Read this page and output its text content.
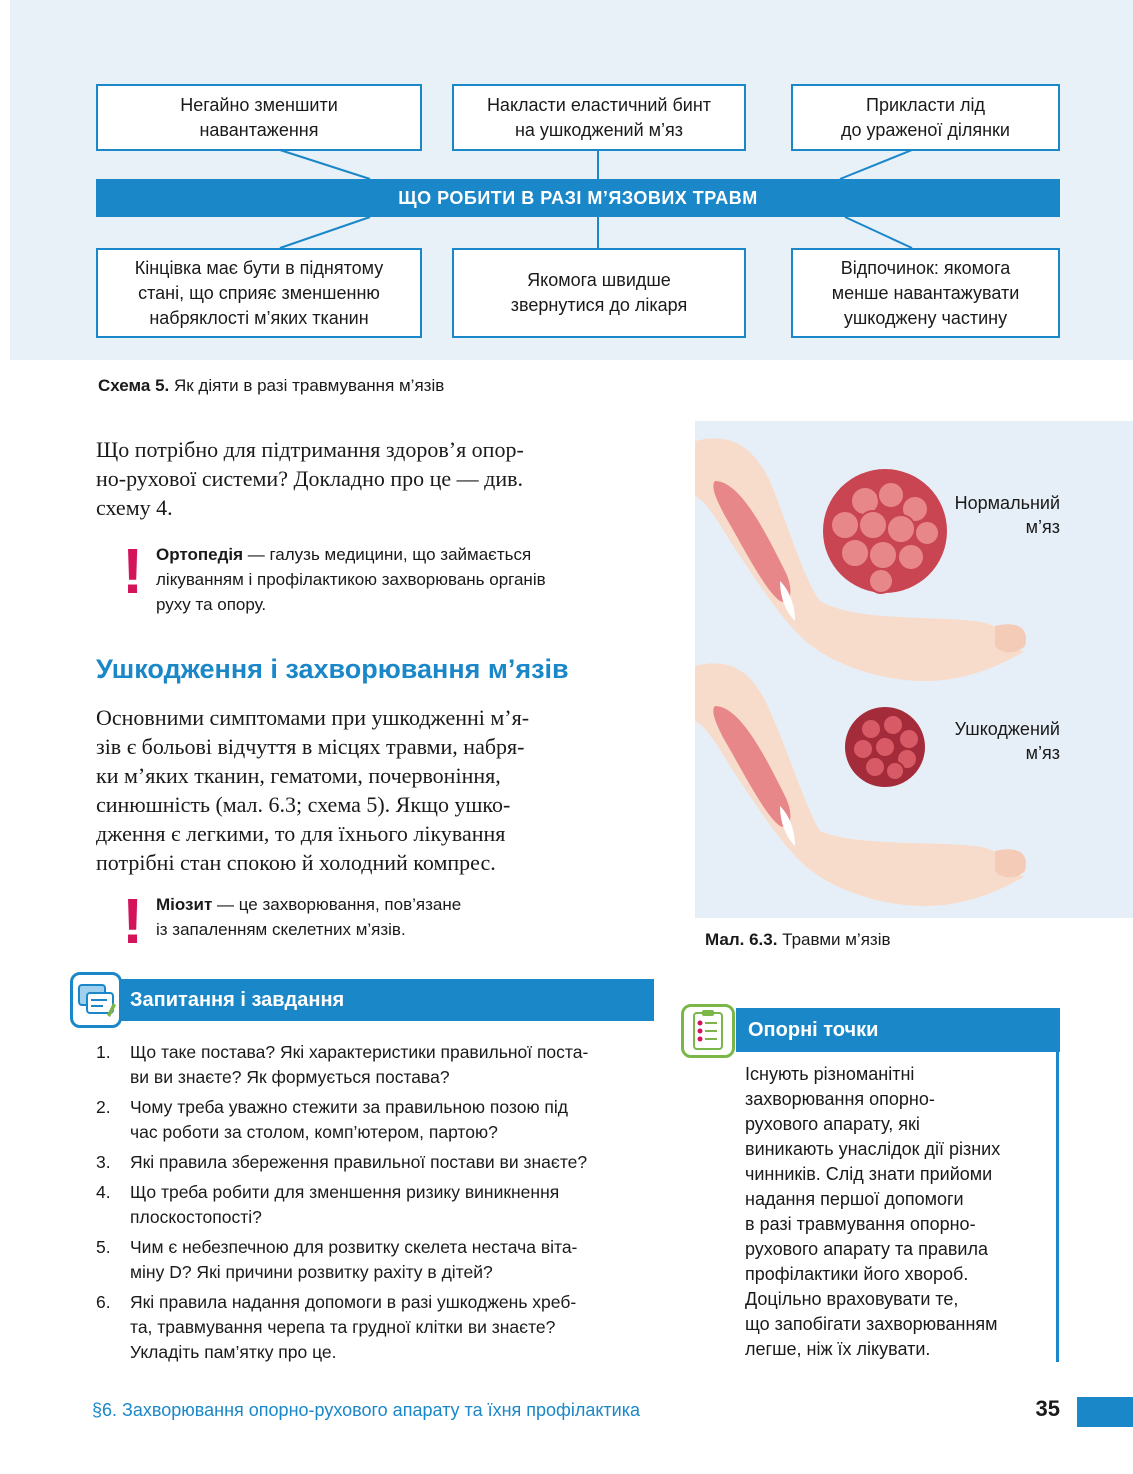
Негайно зменшити
навантаження
Накласти еластичний бинт
на ушкоджений м’яз
Прикласти лід
до ураженої ділянки
ЩО РОБИТИ В РАЗІ М’ЯЗОВИХ ТРАВМ
Кінцівка має бути в піднятому
стані, що сприяє зменшенню
набряклості м’яких тканин
Якомога швидше
звернутися до лікаря
Відпочинок: якомога
менше навантажувати
ушкоджену частину
Схема 5. Як діяти в разі травмування м’язів
Що потрібно для підтримання здоров’я опор-
но-рухової системи? Докладно про це — див.
схему 4.
! Ортопедія — галузь медицини, що займається
лікуванням і профілактикою захворювань органів
руху та опору.
Ушкодження і захворювання м’язів
Основними симптомами при ушкодженні м’я-
зів є больові відчуття в місцях травми, набря-
ки м’яких тканин, гематоми, почервоніння,
синюшність (мал. 6.3; схема 5). Якщо ушко-
дження є легкими, то для їхнього лікування
потрібні стан спокою й холодний компрес.
! Міозит — це захворювання, пов’язане
із запаленням скелетних м’язів.
Нормальний
м’яз
Ушкоджений
м’яз
Мал. 6.3. Травми м’язів
Запитання і завдання
1.	Що таке постава? Які характеристики правильної поста-
ви ви знаєте? Як формується постава?
2.	Чому треба уважно стежити за правильною позою під
час роботи за столом, комп’ютером, партою?
3.	Які правила збереження правильної постави ви знаєте?
4.	Що треба робити для зменшення ризику виникнення
плоскостопості?
5.	Чим є небезпечною для розвитку скелета нестача віта-
міну D? Які причини розвитку рахіту в дітей?
6.	Які правила надання допомоги в разі ушкоджень хреб-
та, травмування черепа та грудної клітки ви знаєте?
Укладіть пам’ятку про це.
Опорні точки
Існують різноманітні
захворювання опорно-
рухового апарату, які
виникають унаслідок дії різних
чинників. Слід знати прийоми
надання першої допомоги
в разі травмування опорно-
рухового апарату та правила
профілактики його хвороб.
Доцільно враховувати те,
що запобігати захворюванням
легше, ніж їх лікувати.
§6. Захворювання опорно-рухового апарату та їхня профілактика	35
